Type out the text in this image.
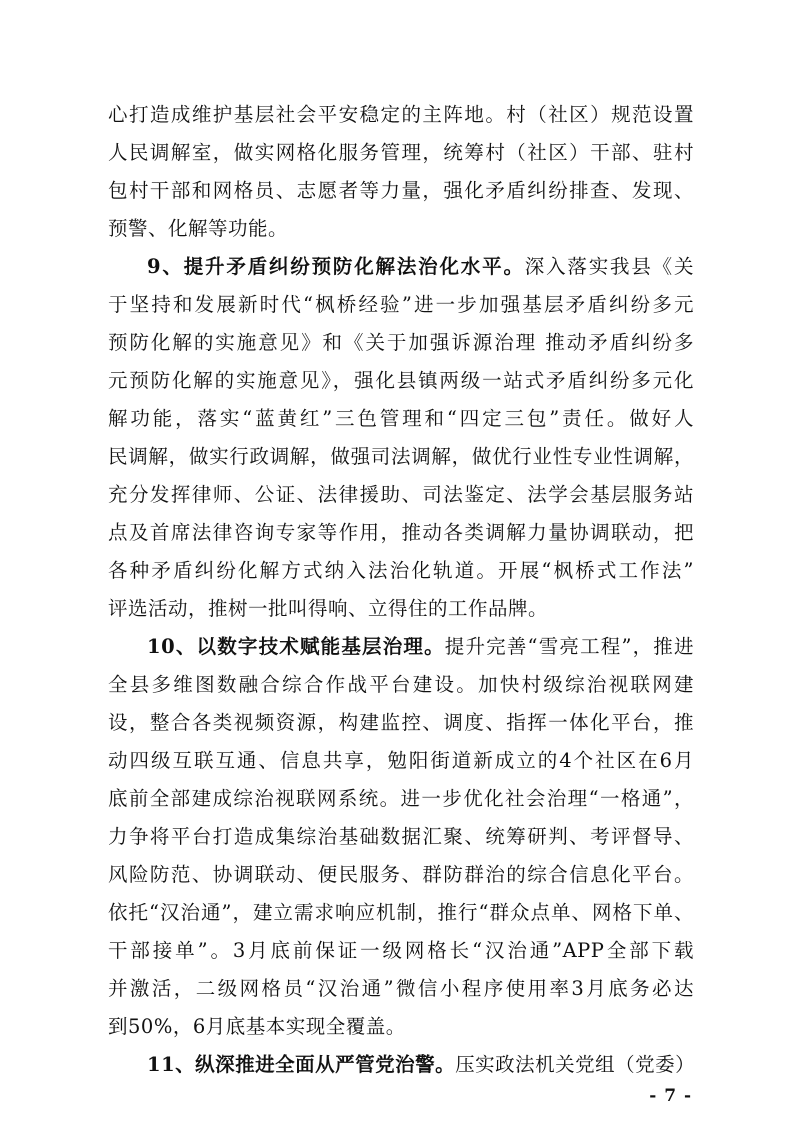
心打造成维护基层社会平安稳定的主阵地。村（社区）规范设置
人民调解室，做实网格化服务管理，统筹村（社区）干部、驻村
包村干部和网格员、志愿者等力量，强化矛盾纠纷排查、发现、
预警、化解等功能。
9、提升矛盾纠纷预防化解法治化水平。深入落实我县《关
于坚持和发展新时代“枫桥经验”进一步加强基层矛盾纠纷多元
预防化解的实施意见》和《关于加强诉源治理 推动矛盾纠纷多
元预防化解的实施意见》，强化县镇两级一站式矛盾纠纷多元化
解功能，落实“蓝黄红”三色管理和“四定三包”责任。做好人
民调解，做实行政调解，做强司法调解，做优行业性专业性调解，
充分发挥律师、公证、法律援助、司法鉴定、法学会基层服务站
点及首席法律咨询专家等作用，推动各类调解力量协调联动，把
各种矛盾纠纷化解方式纳入法治化轨道。开展“枫桥式工作法”
评选活动，推树一批叫得响、立得住的工作品牌。
10、以数字技术赋能基层治理。提升完善“雪亮工程”，推进
全县多维图数融合综合作战平台建设。加快村级综治视联网建
设，整合各类视频资源，构建监控、调度、指挥一体化平台，推
动四级互联互通、信息共享，勉阳街道新成立的4个社区在6月
底前全部建成综治视联网系统。进一步优化社会治理“一格通”，
力争将平台打造成集综治基础数据汇聚、统筹研判、考评督导、
风险防范、协调联动、便民服务、群防群治的综合信息化平台。
依托“汉治通”，建立需求响应机制，推行“群众点单、网格下单、
干部接单”。3月底前保证一级网格长“汉治通”APP全部下载
并激活，二级网格员“汉治通”微信小程序使用率3月底务必达
到50%，6月底基本实现全覆盖。
11、纵深推进全面从严管党治警。压实政法机关党组（党委）
- 7 -
